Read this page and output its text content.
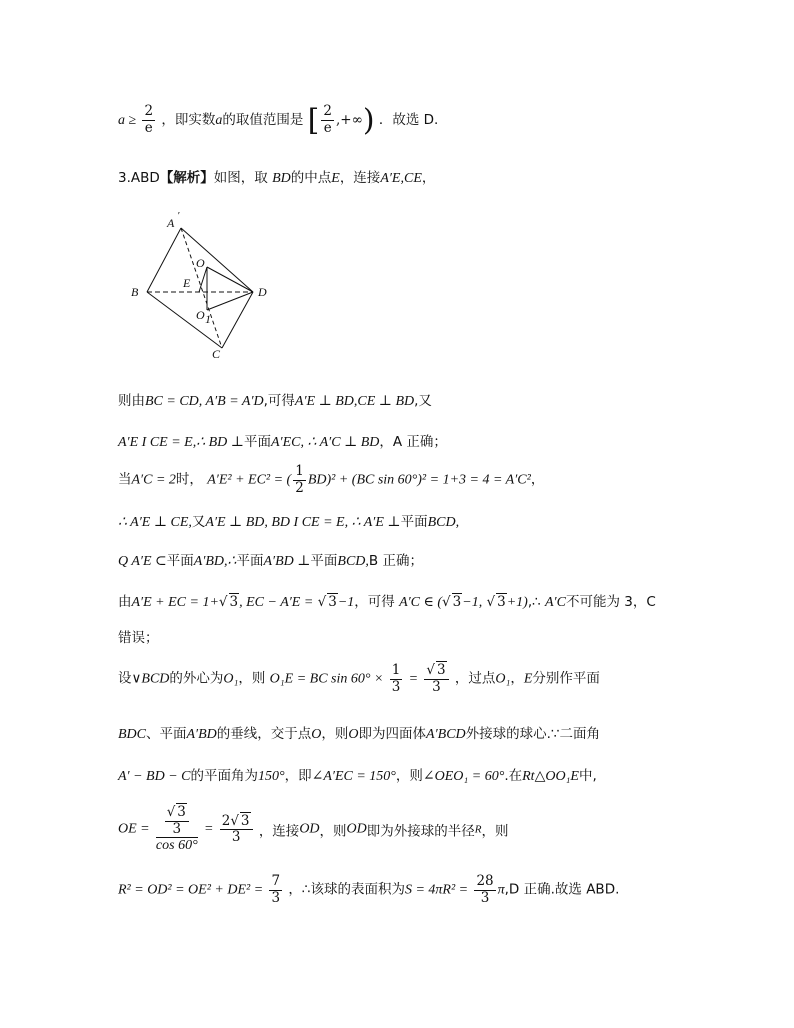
$a \ge \frac{2}{e}$ ，即实数a的取值范围是 [ $\frac{2}{e}$ ,+∞) ．故选 D.
3.ABD【解析】如图，取 BD的中点E，连接A′E,CE，
A
′
O
E
B	D
O 1
C
则由BC = CD, A′B = A′D,可得A′E ⊥ BD,CE ⊥ BD,又
A′E I CE = E,∴ BD ⊥平面A′EC, ∴ A′C ⊥ BD，A 正确；
当A′C = 2时， A′E² + EC² = ( $\frac{1}{2} BD)^2 + (BC$ sin 60°)² = 1+3 = 4 = A′C²，
∴ A′E ⊥ CE,又A′E ⊥ BD, BD I CE = E, ∴ A′E ⊥平面BCD,
Q A′E ⊂平面A′BD,∴平面A′BD ⊥平面BCD,B 正确；
由A′E + EC = 1+√ 3, EC − A′E = √ 3−1，可得 A′C ∈ (√ 3−1, √ 3+1),∴ A′C不可能为 3，C
错误；
设∨BCD的外心为O₁，则 O₁E = BC $\sin 60^\circ \times \frac{1}{3} = \frac{√ 3}{3}$ ，过点O₁，E分别作平面
BDC、平面A′BD的垂线，交于点O，则O即为四面体A′BCD外接球的球心.∵二面角
A′ − BD − C的平面角为150°，即∠A′EC = 150°，则∠OEO₁ = 60°.在Rt△OO₁E中,
OE = $\frac{\frac{√ 3}{3}}{\cos 60^\circ} = \frac{2√ 3}{3}$ ，连接OD，则OD即为外接球的半径R，则
$R^2 = OD^2 = OE^2 + DE^2 = \frac{7}{3}$ ，∴该球的表面积为$S = 4\pi R^2 = \frac{28}{3} \pi,D$ 正确.故选 ABD.
